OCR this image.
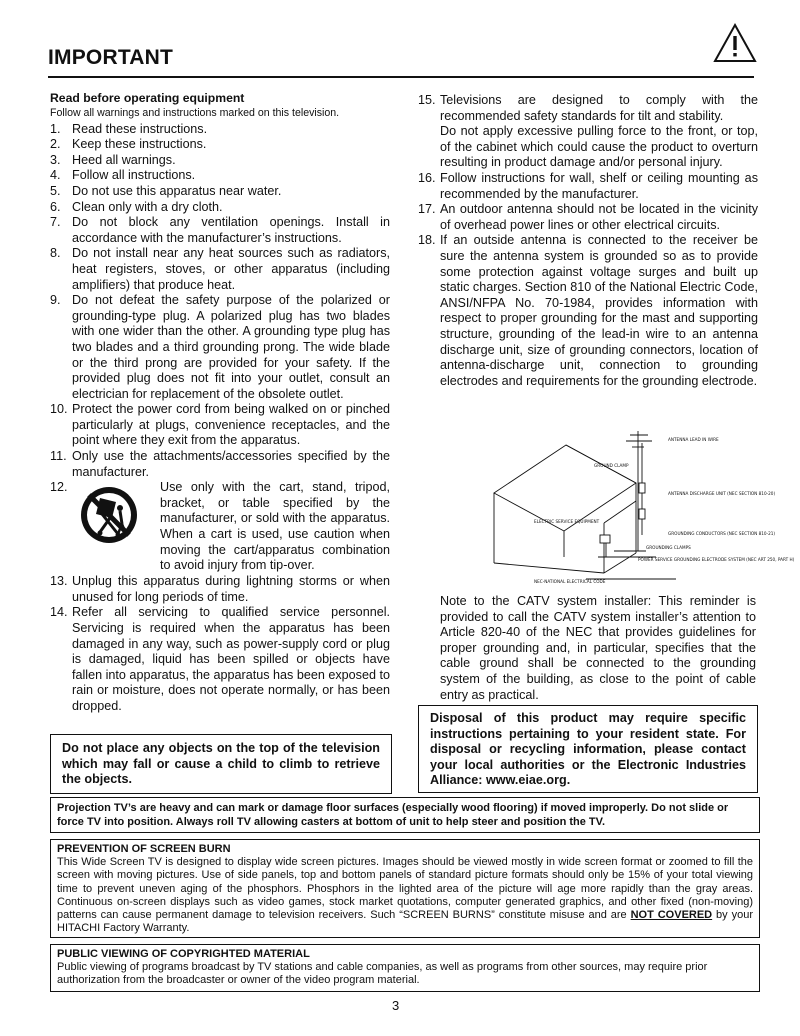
IMPORTANT
Read before operating equipment
Follow all warnings and instructions marked on this television.
1. Read these instructions.
2. Keep these instructions.
3. Heed all warnings.
4. Follow all instructions.
5. Do not use this apparatus near water.
6. Clean only with a dry cloth.
7. Do not block any ventilation openings. Install in accordance with the manufacturer’s instructions.
8. Do not install near any heat sources such as radiators, heat registers, stoves, or other apparatus (including amplifiers) that produce heat.
9. Do not defeat the safety purpose of the polarized or grounding-type plug. A polarized plug has two blades with one wider than the other. A grounding type plug has two blades and a third grounding prong. The wide blade or the third prong are provided for your safety. If the provided plug does not fit into your outlet, consult an electrician for replacement of the obsolete outlet.
10. Protect the power cord from being walked on or pinched particularly at plugs, convenience receptacles, and the point where they exit from the apparatus.
11. Only use the attachments/accessories specified by the manufacturer.
12.	Use only with the cart, stand, tripod, bracket, or table specified by the manufacturer, or sold with the apparatus. When a cart is used, use caution when moving the cart/apparatus combination to avoid injury from tip-over.
13. Unplug this apparatus during lightning storms or when unused for long periods of time.
14. Refer all servicing to qualified service personnel. Servicing is required when the apparatus has been damaged in any way, such as power-supply cord or plug is damaged, liquid has been spilled or objects have fallen into apparatus, the apparatus has been exposed to rain or moisture, does not operate normally, or has been dropped.
Do not place any objects on the top of the television which may fall or cause a child to climb to retrieve the objects.
15. Televisions are designed to comply with the recommended safety standards for tilt and stability.
Do not apply excessive pulling force to the front, or top, of the cabinet which could cause the product to overturn resulting in product damage and/or personal injury.
16. Follow instructions for wall, shelf or ceiling mounting as recommended by the manufacturer.
17. An outdoor antenna should not be located in the vicinity of overhead power lines or other electrical circuits.
18. If an outside antenna is connected to the receiver be sure the antenna system is grounded so as to provide some protection against voltage surges and built up static charges. Section 810 of the National Electric Code, ANSI/NFPA No. 70-1984, provides information with respect to proper grounding for the mast and supporting structure, grounding of the lead-in wire to an antenna discharge unit, size of grounding connectors, location of antenna-discharge unit, connection to grounding electrodes and requirements for the grounding electrode.
ANTENNA LEAD IN WIRE
GROUND CLAMP
ANTENNA DISCHARGE UNIT (NEC SECTION 810-20)
ELECTRIC SERVICE EQUIPMENT
GROUNDING CONDUCTORS (NEC SECTION 810-21)
GROUNDING CLAMPS
POWER SERVICE GROUNDING ELECTRODE SYSTEM (NEC ART 250, PART H)
NEC-NATIONAL ELECTRICAL CODE
Note to the CATV system installer: This reminder is provided to call the CATV system installer’s attention to Article 820-40 of the NEC that provides guidelines for proper grounding and, in particular, specifies that the cable ground shall be connected to the grounding system of the building, as close to the point of cable entry as practical.
Disposal of this product may require specific instructions pertaining to your resident state. For disposal or recycling information, please contact your local authorities or the Electronic Industries Alliance: www.eiae.org.
Projection TV’s are heavy and can mark or damage floor surfaces (especially wood flooring) if moved improperly. Do not slide or force TV into position. Always roll TV allowing casters at bottom of unit to help steer and position the TV.
PREVENTION OF SCREEN BURN
This Wide Screen TV is designed to display wide screen pictures. Images should be viewed mostly in wide screen format or zoomed to fill the screen with moving pictures. Use of side panels, top and bottom panels of standard picture formats should only be 15% of your total viewing time to prevent uneven aging of the phosphors. Phosphors in the lighted area of the picture will age more rapidly than the gray areas. Continuous on-screen displays such as video games, stock market quotations, computer generated graphics, and other fixed (non-moving) patterns can cause permanent damage to television receivers. Such “SCREEN BURNS” constitute misuse and are NOT COVERED by your HITACHI Factory Warranty.
PUBLIC VIEWING OF COPYRIGHTED MATERIAL
Public viewing of programs broadcast by TV stations and cable companies, as well as programs from other sources, may require prior authorization from the broadcaster or owner of the video program material.
3
